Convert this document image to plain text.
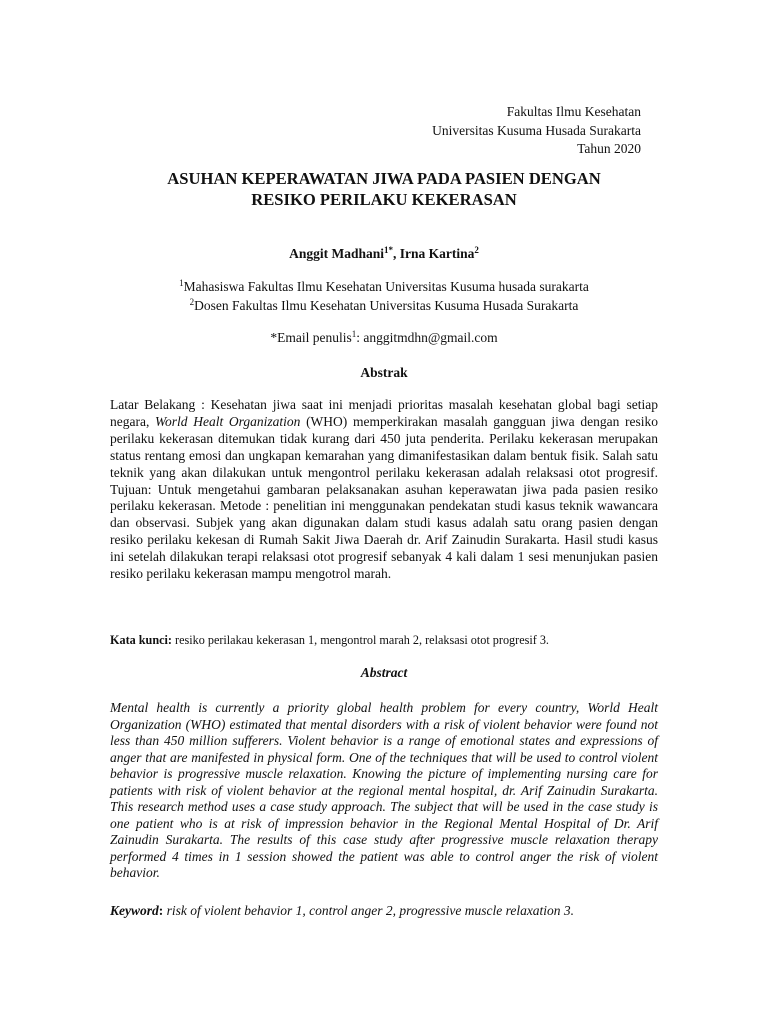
Fakultas Ilmu Kesehatan
Universitas Kusuma Husada Surakarta
Tahun 2020
ASUHAN KEPERAWATAN JIWA PADA PASIEN DENGAN
RESIKO PERILAKU KEKERASAN
Anggit Madhani$^{1*}$, Irna Kartina$^2$
$^1$Mahasiswa Fakultas Ilmu Kesehatan Universitas Kusuma husada surakarta
$^2$Dosen Fakultas Ilmu Kesehatan Universitas Kusuma Husada Surakarta
*Email penulis$^1$: anggitmdhn@gmail.com
Abstrak
Latar Belakang : Kesehatan jiwa saat ini menjadi prioritas masalah kesehatan global bagi setiap negara, World Healt Organization (WHO) memperkirakan masalah gangguan jiwa dengan resiko perilaku kekerasan ditemukan tidak kurang dari 450 juta penderita. Perilaku kekerasan merupakan status rentang emosi dan ungkapan kemarahan yang dimanifestasikan dalam bentuk fisik. Salah satu teknik yang akan dilakukan untuk mengontrol perilaku kekerasan adalah relaksasi otot progresif. Tujuan: Untuk mengetahui gambaran pelaksanakan asuhan keperawatan jiwa pada pasien resiko perilaku kekerasan. Metode : penelitian ini menggunakan pendekatan studi kasus teknik wawancara dan observasi. Subjek yang akan digunakan dalam studi kasus adalah satu orang pasien dengan resiko perilaku kekesan di Rumah Sakit Jiwa Daerah dr. Arif Zainudin Surakarta. Hasil studi kasus ini setelah dilakukan terapi relaksasi otot progresif sebanyak 4 kali dalam 1 sesi menunjukan pasien resiko perilaku kekerasan mampu mengotrol marah.
Kata kunci: resiko perilakau kekerasan 1, mengontrol marah 2, relaksasi otot progresif 3.
Abstract
Mental health is currently a priority global health problem for every country, World Healt Organization (WHO) estimated that mental disorders with a risk of violent behavior were found not less than 450 million sufferers. Violent behavior is a range of emotional states and expressions of anger that are manifested in physical form. One of the techniques that will be used to control violent behavior is progressive muscle relaxation. Knowing the picture of implementing nursing care for patients with risk of violent behavior at the regional mental hospital, dr. Arif Zainudin Surakarta. This research method uses a case study approach. The subject that will be used in the case study is one patient who is at risk of impression behavior in the Regional Mental Hospital of Dr. Arif Zainudin Surakarta. The results of this case study after progressive muscle relaxation therapy performed 4 times in 1 session showed the patient was able to control anger the risk of violent behavior.
Keyword: risk of violent behavior 1, control anger 2, progressive muscle relaxation 3.
